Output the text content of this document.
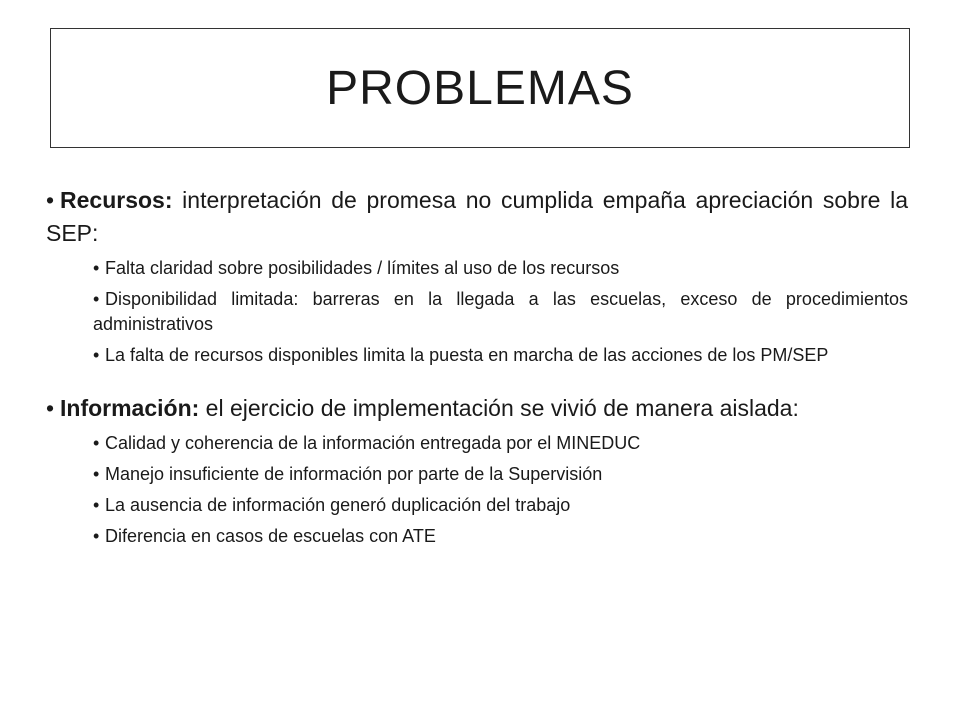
PROBLEMAS

• Recursos: interpretación de promesa no cumplida empaña apreciación sobre la SEP:

• Falta claridad sobre posibilidades / límites al uso de los recursos
• Disponibilidad limitada: barreras en la llegada a las escuelas, exceso de procedimientos administrativos
• La falta de recursos disponibles limita la puesta en marcha de las acciones de los PM/SEP

• Información: el ejercicio de implementación se vivió de manera aislada:

• Calidad y coherencia de la información entregada por el MINEDUC
• Manejo insuficiente de información por parte de la Supervisión
• La ausencia de información generó duplicación del trabajo
• Diferencia en casos de escuelas con ATE
